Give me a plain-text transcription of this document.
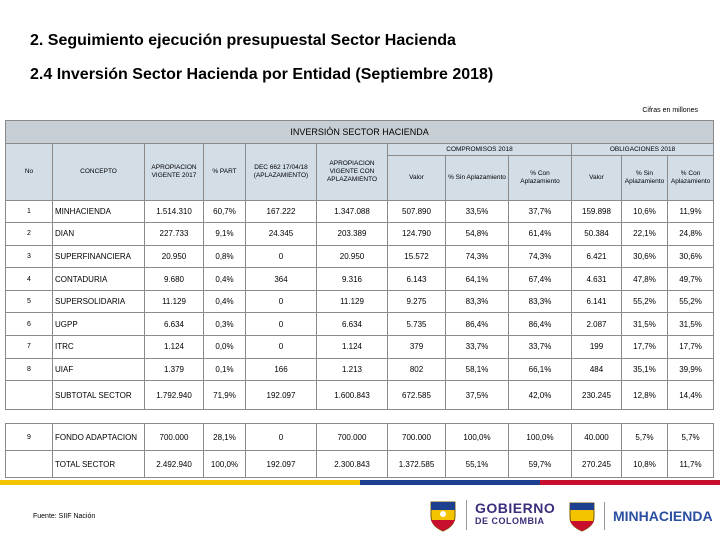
2. Seguimiento ejecución presupuestal Sector Hacienda
2.4 Inversión Sector Hacienda por Entidad (Septiembre 2018)
Cifras en millones
INVERSIÓN SECTOR HACIENDA											
No	CONCEPTO	APROPIACION VIGENTE 2017	% PART	DEC 662 17/04/18 (APLAZAMIENTO)	APROPIACION VIGENTE CON APLAZAMIENTO	COMPROMISOS 2018			OBLIGACIONES 2018		
						Valor	% Sin Aplazamiento	% Con Aplazamiento	Valor	% Sin Aplazamiento	% Con Aplazamiento
1	MINHACIENDA	1.514.310	60,7%	167.222	1.347.088	507.890	33,5%	37,7%	159.898	10,6%	11,9%
2	DIAN	227.733	9,1%	24.345	203.389	124.790	54,8%	61,4%	50.384	22,1%	24,8%
3	SUPERFINANCIERA	20.950	0,8%	0	20.950	15.572	74,3%	74,3%	6.421	30,6%	30,6%
4	CONTADURIA	9.680	0,4%	364	9.316	6.143	64,1%	67,4%	4.631	47,8%	49,7%
5	SUPERSOLIDARIA	11.129	0,4%	0	11.129	9.275	83,3%	83,3%	6.141	55,2%	55,2%
6	UGPP	6.634	0,3%	0	6.634	5.735	86,4%	86,4%	2.087	31,5%	31,5%
7	ITRC	1.124	0,0%	0	1.124	379	33,7%	33,7%	199	17,7%	17,7%
8	UIAF	1.379	0,1%	166	1.213	802	58,1%	66,1%	484	35,1%	39,9%
	SUBTOTAL SECTOR	1.792.940	71,9%	192.097	1.600.843	672.585	37,5%	42,0%	230.245	12,8%	14,4%

9	FONDO ADAPTACION	700.000	28,1%	0	700.000	700.000	100,0%	100,0%	40.000	5,7%	5,7%
	TOTAL SECTOR	2.492.940	100,0%	192.097	2.300.843	1.372.585	55,1%	59,7%	270.245	10,8%	11,7%
Fuente: SIIF Nación
GOBIERNO
DE COLOMBIA	MINHACIENDA
